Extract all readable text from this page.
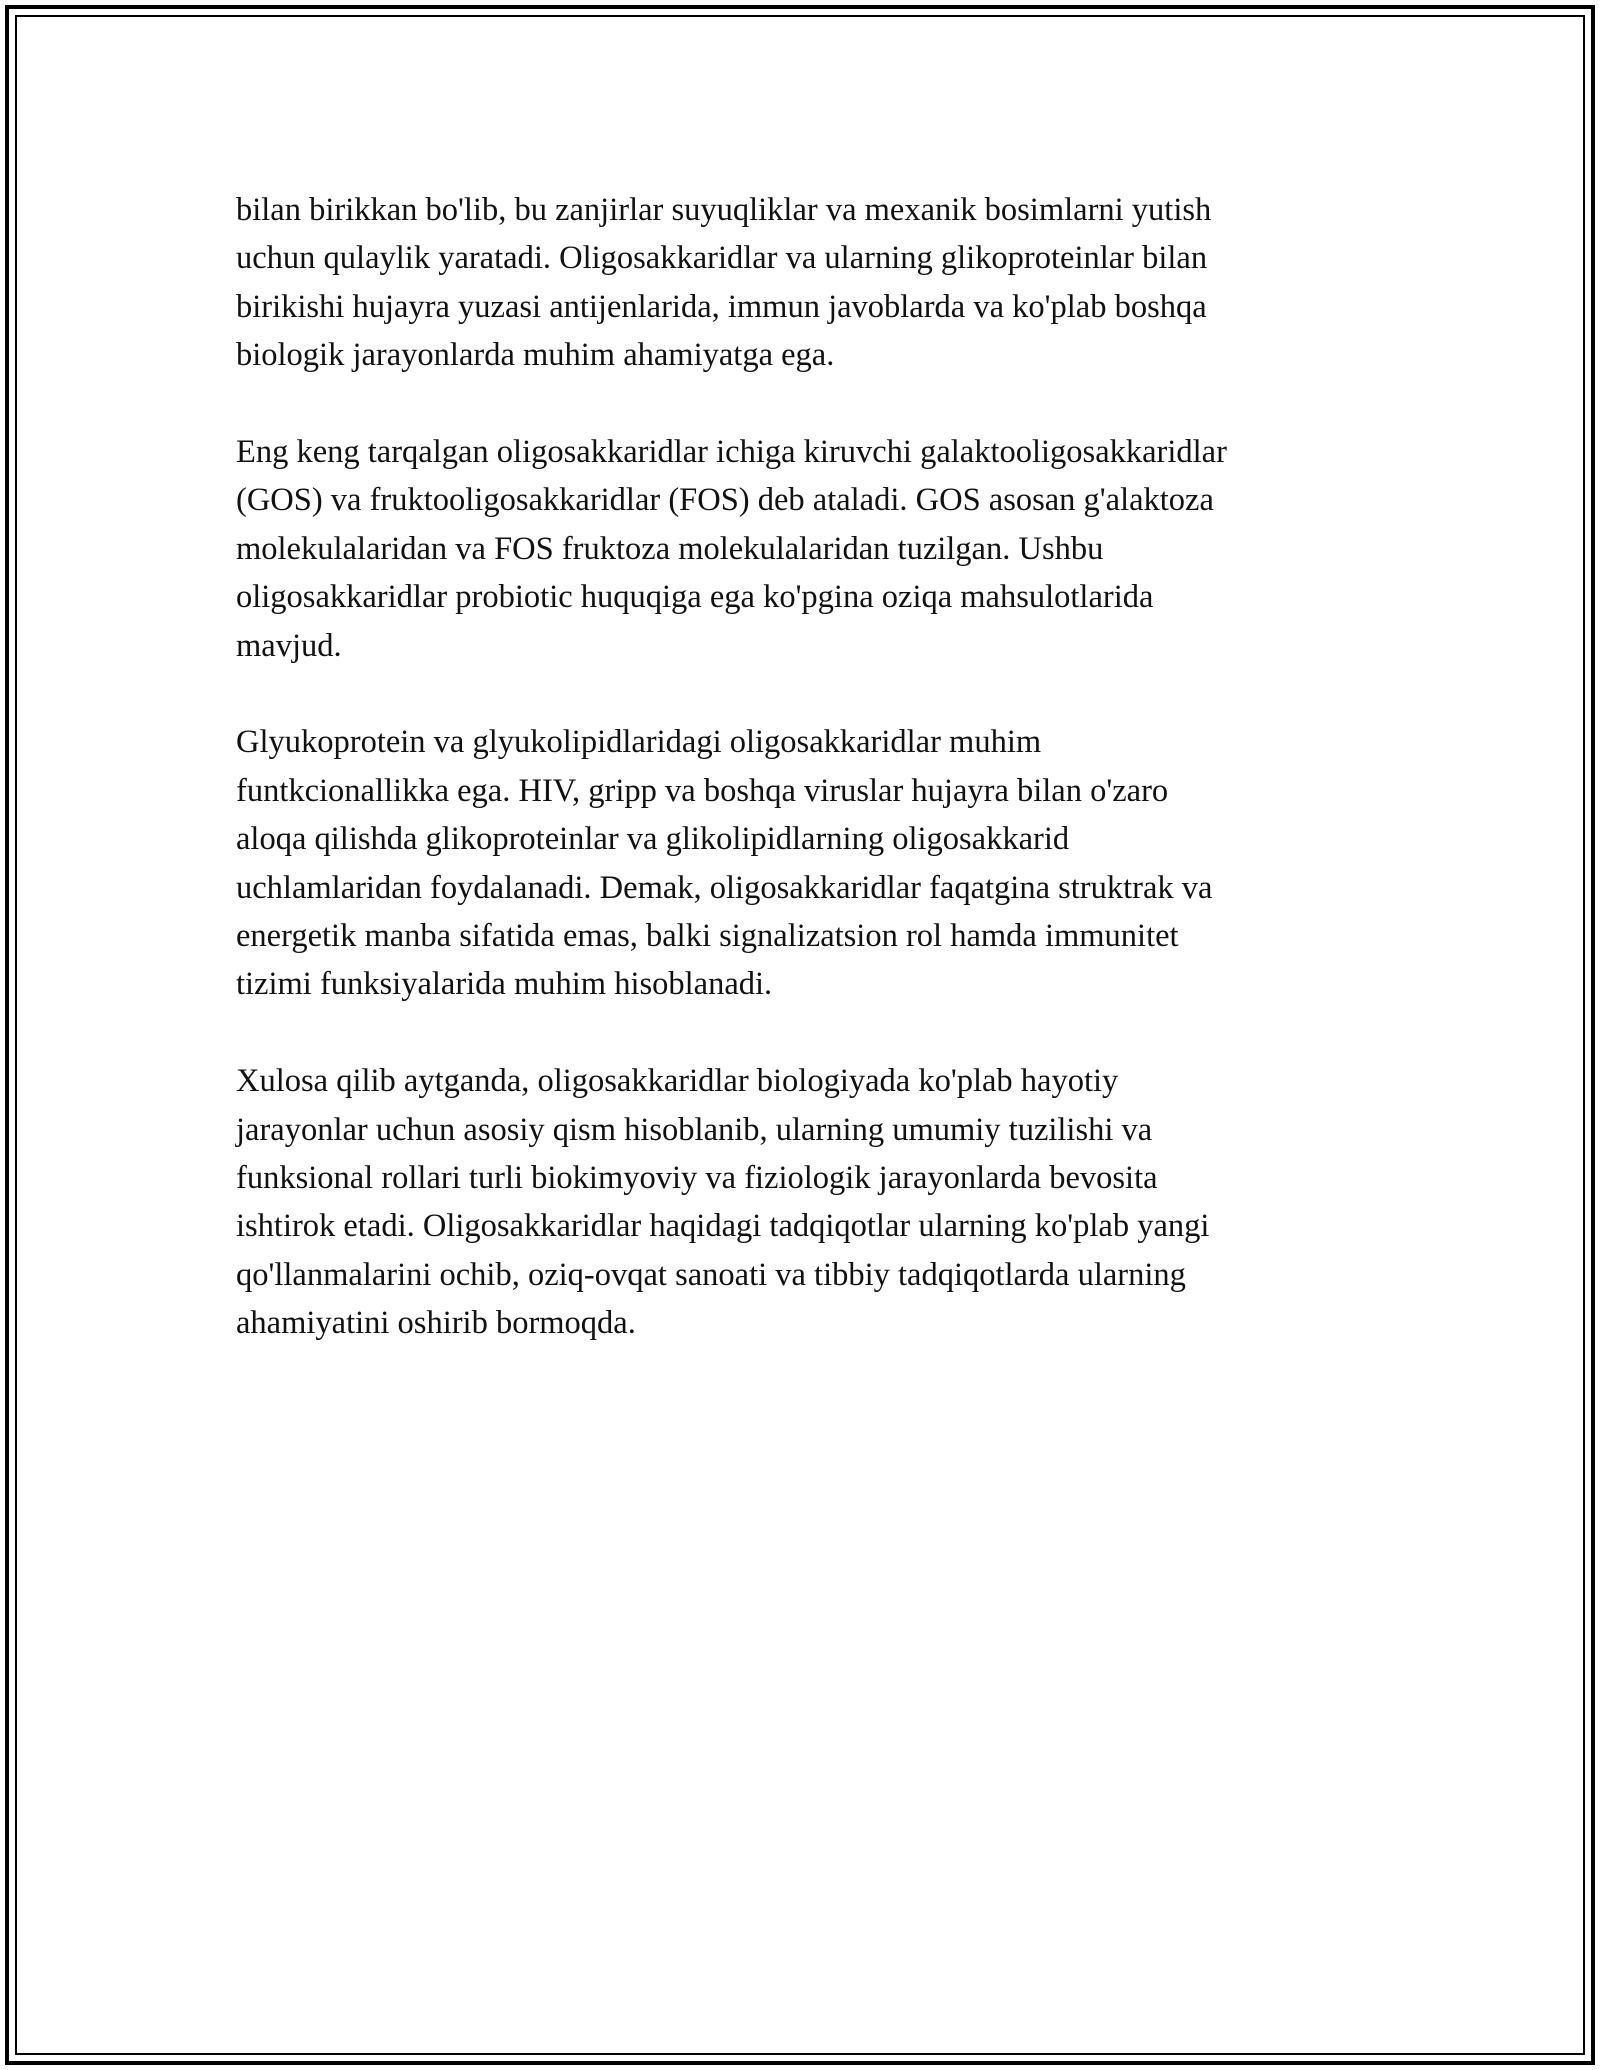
bilan birikkan bo'lib, bu zanjirlar suyuqliklar va mexanik bosimlarni yutish
uchun qulaylik yaratadi. Oligosakkaridlar va ularning glikoproteinlar bilan
birikishi hujayra yuzasi antijenlarida, immun javoblarda va ko'plab boshqa
biologik jarayonlarda muhim ahamiyatga ega.

Eng keng tarqalgan oligosakkaridlar ichiga kiruvchi galaktooligosakkaridlar
(GOS) va fruktooligosakkaridlar (FOS) deb ataladi. GOS asosan g'alaktoza
molekulalaridan va FOS fruktoza molekulalaridan tuzilgan. Ushbu
oligosakkaridlar probiotic huquqiga ega ko'pgina oziqa mahsulotlarida
mavjud.

Glyukoprotein va glyukolipidlaridagi oligosakkaridlar muhim
funtkcionallikka ega. HIV, gripp va boshqa viruslar hujayra bilan o'zaro
aloqa qilishda glikoproteinlar va glikolipidlarning oligosakkarid
uchlamlaridan foydalanadi. Demak, oligosakkaridlar faqatgina struktrak va
energetik manba sifatida emas, balki signalizatsion rol hamda immunitet
tizimi funksiyalarida muhim hisoblanadi.

Xulosa qilib aytganda, oligosakkaridlar biologiyada ko'plab hayotiy
jarayonlar uchun asosiy qism hisoblanib, ularning umumiy tuzilishi va
funksional rollari turli biokimyoviy va fiziologik jarayonlarda bevosita
ishtirok etadi. Oligosakkaridlar haqidagi tadqiqotlar ularning ko'plab yangi
qo'llanmalarini ochib, oziq-ovqat sanoati va tibbiy tadqiqotlarda ularning
ahamiyatini oshirib bormoqda.
